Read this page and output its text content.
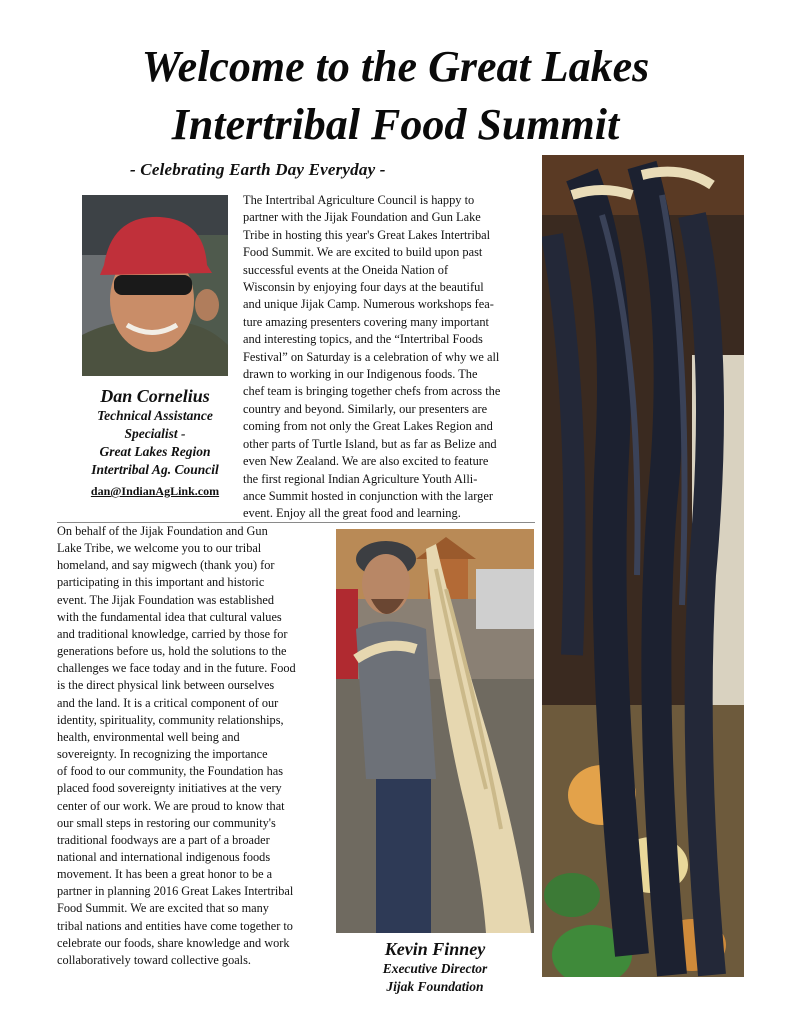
Welcome to the Great Lakes
Intertribal Food Summit
- Celebrating Earth Day Everyday -
Dan Cornelius
Technical Assistance
Specialist -
Great Lakes Region
Intertribal Ag. Council
dan@IndianAgLink.com
The Intertribal Agriculture Council is happy to
partner with the Jijak Foundation and Gun Lake
Tribe in hosting this year's Great Lakes Intertribal
Food Summit. We are excited to build upon past
successful events at the Oneida Nation of
Wisconsin by enjoying four days at the beautiful
and unique Jijak Camp. Numerous workshops fea-
ture amazing presenters covering many important
and interesting topics, and the “Intertribal Foods
Festival” on Saturday is a celebration of why we all
drawn to working in our Indigenous foods. The
chef team is bringing together chefs from across the
country and beyond. Similarly, our presenters are
coming from not only the Great Lakes Region and
other parts of Turtle Island, but as far as Belize and
even New Zealand. We are also excited to feature
the first regional Indian Agriculture Youth Alli-
ance Summit hosted in conjunction with the larger
event. Enjoy all the great food and learning.
On behalf of the Jijak Foundation and Gun
Lake Tribe, we welcome you to our tribal
homeland, and say migwech (thank you) for
participating in this important and historic
event. The Jijak Foundation was established
with the fundamental idea that cultural values
and traditional knowledge, carried by those for
generations before us, hold the solutions to the
challenges we face today and in the future. Food
is the direct physical link between ourselves
and the land. It is a critical component of our
identity, spirituality, community relationships,
health, environmental well being and
sovereignty. In recognizing the importance
of food to our community, the Foundation has
placed food sovereignty initiatives at the very
center of our work. We are proud to know that
our small steps in restoring our community's
traditional foodways are a part of a broader
national and international indigenous foods
movement. It has been a great honor to be a
partner in planning 2016 Great Lakes Intertribal
Food Summit. We are excited that so many
tribal nations and entities have come together to
celebrate our foods, share knowledge and work
collaboratively toward collective goals.
Kevin Finney
Executive Director
Jijak Foundation
